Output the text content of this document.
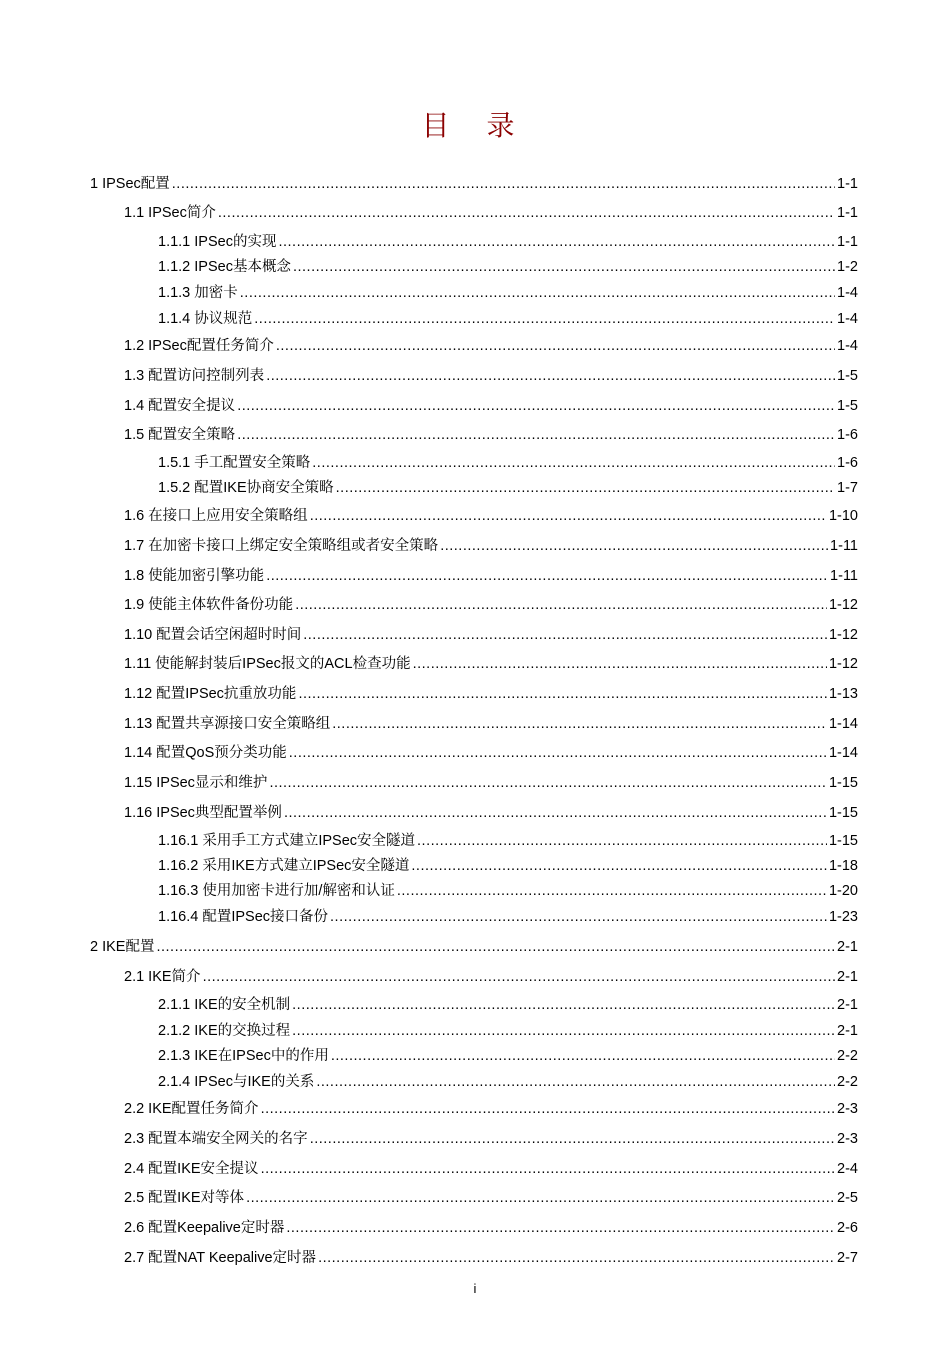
目 录
1 IPSec配置 .....	1-1
1.1 IPSec简介 .....	1-1
1.1.1 IPSec的实现 .....	1-1
1.1.2 IPSec基本概念 .....	1-2
1.1.3 加密卡 .....	1-4
1.1.4 协议规范 .....	1-4
1.2 IPSec配置任务简介 .....	1-4
1.3 配置访问控制列表 .....	1-5
1.4 配置安全提议 .....	1-5
1.5 配置安全策略 .....	1-6
1.5.1 手工配置安全策略 .....	1-6
1.5.2 配置IKE协商安全策略 .....	1-7
1.6 在接口上应用安全策略组 .....	1-10
1.7 在加密卡接口上绑定安全策略组或者安全策略 .....	1-11
1.8 使能加密引擎功能 .....	1-11
1.9 使能主体软件备份功能 .....	1-12
1.10 配置会话空闲超时时间 .....	1-12
1.11 使能解封装后IPSec报文的ACL检查功能 .....	1-12
1.12 配置IPSec抗重放功能 .....	1-13
1.13 配置共享源接口安全策略组 .....	1-14
1.14 配置QoS预分类功能 .....	1-14
1.15 IPSec显示和维护 .....	1-15
1.16 IPSec典型配置举例 .....	1-15
1.16.1 采用手工方式建立IPSec安全隧道 .....	1-15
1.16.2 采用IKE方式建立IPSec安全隧道 .....	1-18
1.16.3 使用加密卡进行加/解密和认证 .....	1-20
1.16.4 配置IPSec接口备份 .....	1-23
2 IKE配置 .....	2-1
2.1 IKE简介 .....	2-1
2.1.1 IKE的安全机制 .....	2-1
2.1.2 IKE的交换过程 .....	2-1
2.1.3 IKE在IPSec中的作用 .....	2-2
2.1.4 IPSec与IKE的关系 .....	2-2
2.2 IKE配置任务简介 .....	2-3
2.3 配置本端安全网关的名字 .....	2-3
2.4 配置IKE安全提议 .....	2-4
2.5 配置IKE对等体 .....	2-5
2.6 配置Keepalive定时器 .....	2-6
2.7 配置NAT Keepalive定时器 .....	2-7
i
